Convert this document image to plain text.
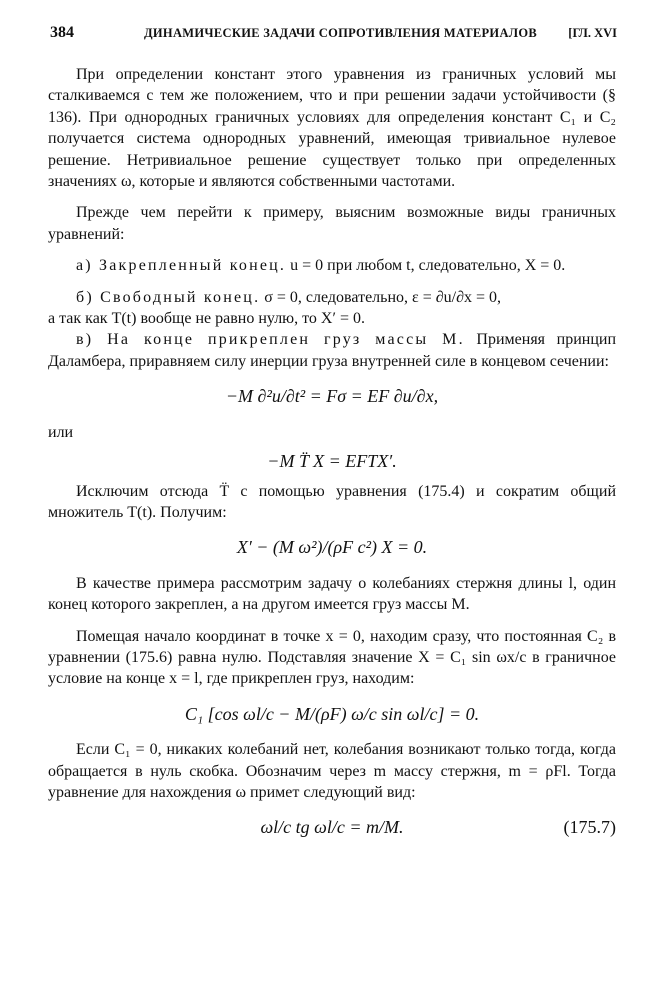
384	ДИНАМИЧЕСКИЕ ЗАДАЧИ СОПРОТИВЛЕНИЯ МАТЕРИАЛОВ [ГЛ. XVI

При определении констант этого уравнения из граничных условий мы сталкиваемся с тем же положением, что и при решении задачи устойчивости (§ 136). При однородных граничных условиях для определения констант C₁ и C₂ получается система однородных уравнений, имеющая тривиальное нулевое решение. Нетривиальное решение существует только при определенных значениях ω, которые и являются собственными частотами.

Прежде чем перейти к примеру, выясним возможные виды граничных уравнений:

а) Закрепленный конец. u = 0 при любом t, следовательно, X = 0.

б) Свободный конец. σ = 0, следовательно, ε = ∂u/∂x = 0,

а так как T(t) вообще не равно нулю, то X′ = 0.

в) На конце прикреплен груз массы M. Применяя принцип Даламбера, приравняем силу инерции груза внутренней силе в концевом сечении:

−M ∂²u/∂t² = Fσ = EF ∂u/∂x,

или

−M T̈ X = EFTX′.

Исключим отсюда T̈ с помощью уравнения (175.4) и сократим общий множитель T(t). Получим:

X′ − (M ω²)/(ρF c²) X = 0.

В качестве примера рассмотрим задачу о колебаниях стержня длины l, один конец которого закреплен, а на другом имеется груз массы M.

Помещая начало координат в точке x = 0, находим сразу, что постоянная C₂ в уравнении (175.6) равна нулю. Подставляя значение X = C₁ sin ωx/c в граничное условие на конце x = l, где прикреплен груз, находим:

C₁ [cos ωl/c − M/(ρF) ω/c sin ωl/c] = 0.

Если C₁ = 0, никаких колебаний нет, колебания возникают только тогда, когда обращается в нуль скобка. Обозначим через m массу стержня, m = ρFl. Тогда уравнение для нахождения ω примет следующий вид:

ωl/c tg ωl/c = m/M.	(175.7)
